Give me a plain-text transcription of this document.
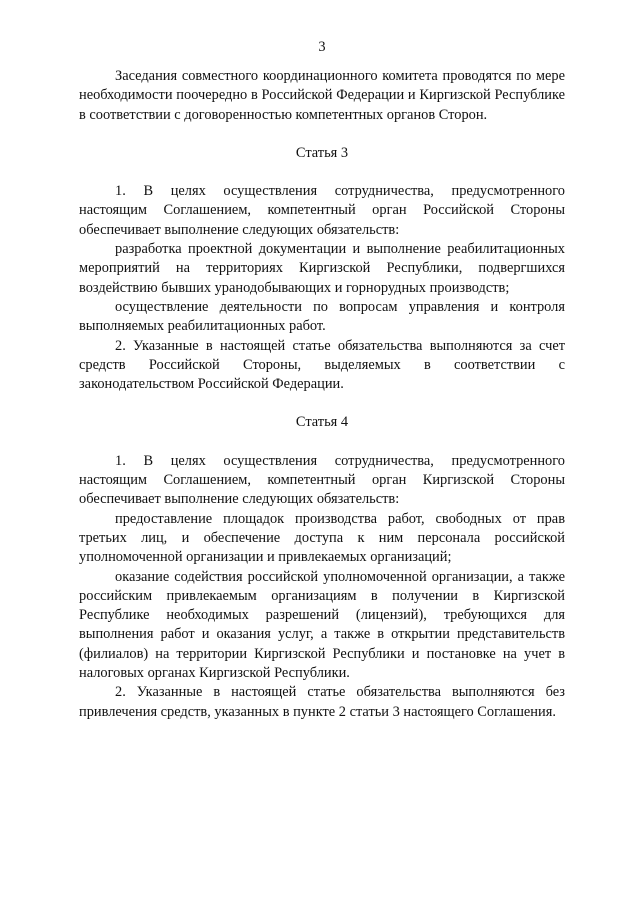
3

Заседания совместного координационного комитета проводятся по мере необходимости поочередно в Российской Федерации и Киргизской Республике в соответствии с договоренностью компетентных органов Сторон.

Статья 3

1. В целях осуществления сотрудничества, предусмотренного настоящим Соглашением, компетентный орган Российской Стороны обеспечивает выполнение следующих обязательств:

разработка проектной документации и выполнение реабилитационных мероприятий на территориях Киргизской Республики, подвергшихся воздействию бывших уранодобывающих и горнорудных производств;

осуществление деятельности по вопросам управления и контроля выполняемых реабилитационных работ.

2. Указанные в настоящей статье обязательства выполняются за счет средств Российской Стороны, выделяемых в соответствии с законодательством Российской Федерации.

Статья 4

1. В целях осуществления сотрудничества, предусмотренного настоящим Соглашением, компетентный орган Киргизской Стороны обеспечивает выполнение следующих обязательств:

предоставление площадок производства работ, свободных от прав третьих лиц, и обеспечение доступа к ним персонала российской уполномоченной организации и привлекаемых организаций;

оказание содействия российской уполномоченной организации, а также российским привлекаемым организациям в получении в Киргизской Республике необходимых разрешений (лицензий), требующихся для выполнения работ и оказания услуг, а также в открытии представительств (филиалов) на территории Киргизской Республики и постановке на учет в налоговых органах Киргизской Республики.

2. Указанные в настоящей статье обязательства выполняются без привлечения средств, указанных в пункте 2 статьи 3 настоящего Соглашения.
